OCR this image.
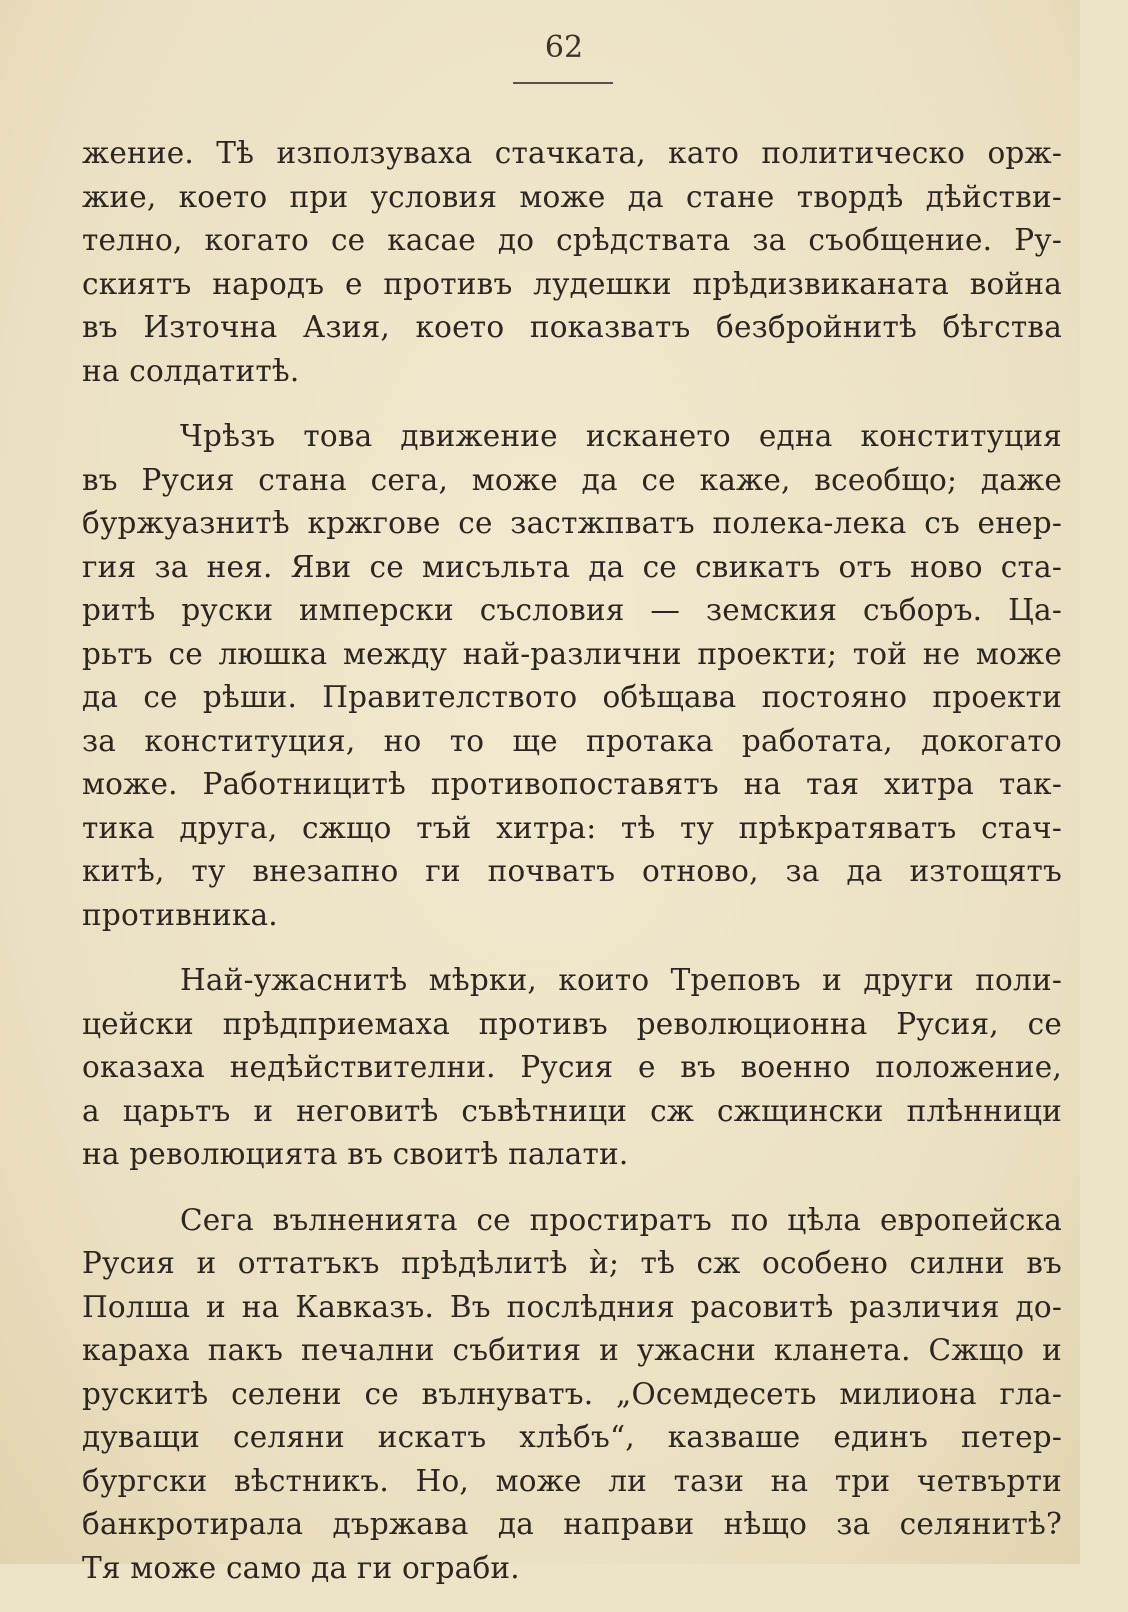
62
жение. Тѣ използуваха стачката, като политическо орж-
жие, което при условия може да стане твордѣ дѣйстви-
телно, когато се касае до срѣдствата за съобщение. Ру-
скиятъ народъ е противъ лудешки прѣдизвиканата война
въ Източна Азия, което показватъ безбройнитѣ бѣгства
на солдатитѣ.
Чрѣзъ това движение искането една конституция
въ Русия стана сега, може да се каже, всеобщо; даже
буржуазнитѣ кржгове се застжпватъ полека-лека съ енер-
гия за нея. Яви се мисъльта да се свикатъ отъ ново ста-
ритѣ руски имперски съсловия — земския съборъ. Ца-
рьтъ се люшка между най-различни проекти; той не може
да се рѣши. Правителството обѣщава постояно проекти
за конституция, но то ще протака работата, докогато
може. Работницитѣ противопоставятъ на тая хитра так-
тика друга, сжщо тъй хитра: тѣ ту прѣкратяватъ стач-
китѣ, ту внезапно ги почватъ отново, за да изтощятъ
противника.
Най-ужаснитѣ мѣрки, които Треповъ и други поли-
цейски прѣдприемаха противъ революционна Русия, се
оказаха недѣйствителни. Русия е въ военно положение,
а царьтъ и неговитѣ съвѣтници сж сжщински плѣнници
на революцията въ своитѣ палати.
Сега вълненията се простиратъ по цѣла европейска
Русия и оттатъкъ прѣдѣлитѣ ѝ; тѣ сж особено силни въ
Полша и на Кавказъ. Въ послѣдния расовитѣ различия до-
караха пакъ печални събития и ужасни кланета. Сжщо и
рускитѣ селени се вълнуватъ. „Осемдесеть милиона гла-
дуващи селяни искатъ хлѣбъ“, казваше единъ петер-
бургски вѣстникъ. Но, може ли тази на три четвърти
банкротирала държава да направи нѣщо за селянитѣ?
Тя може само да ги ограби.
